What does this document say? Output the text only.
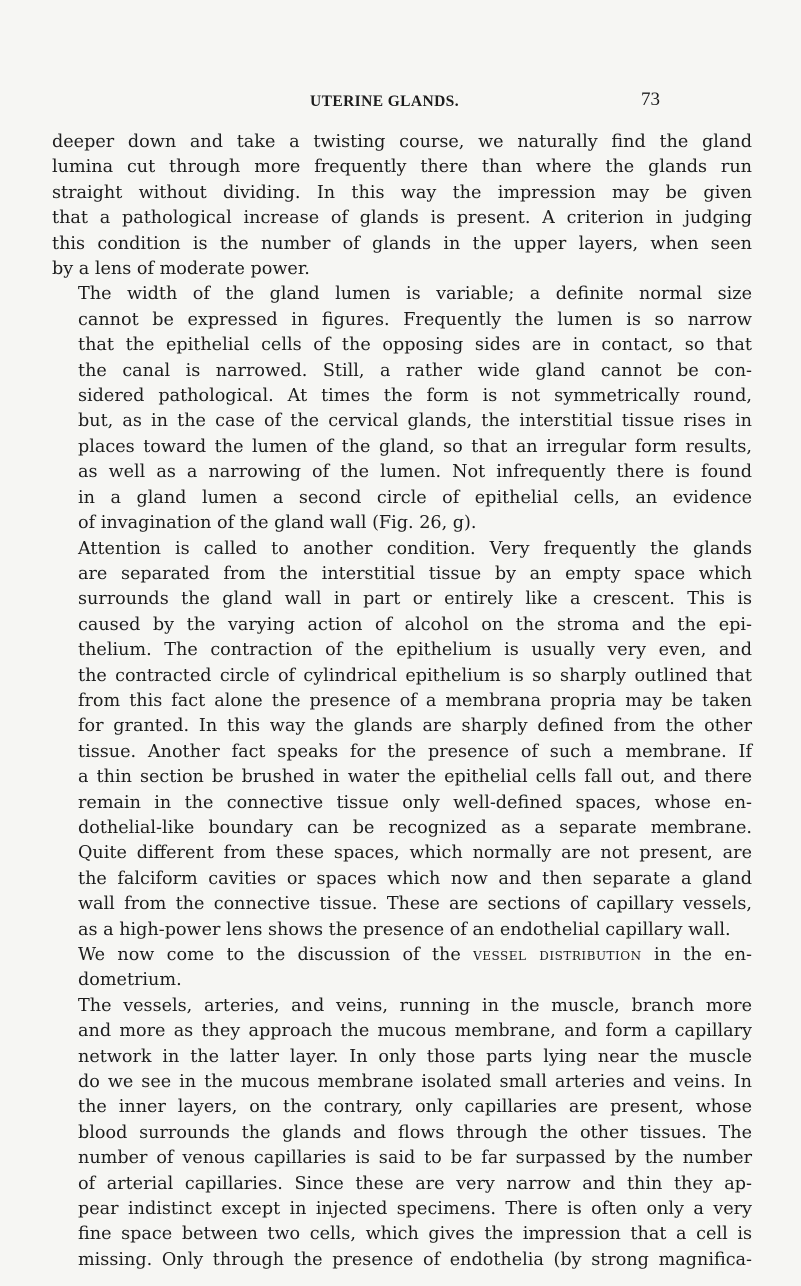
UTERINE GLANDS.	73

deeper down and take a twisting course, we naturally find the gland
lumina cut through more frequently there than where the glands run
straight without dividing. In this way the impression may be given
that a pathological increase of glands is present. A criterion in judging
this condition is the number of glands in the upper layers, when seen
by a lens of moderate power.

The width of the gland lumen is variable; a definite normal size
cannot be expressed in figures. Frequently the lumen is so narrow
that the epithelial cells of the opposing sides are in contact, so that
the canal is narrowed. Still, a rather wide gland cannot be con-
sidered pathological. At times the form is not symmetrically round,
but, as in the case of the cervical glands, the interstitial tissue rises in
places toward the lumen of the gland, so that an irregular form results,
as well as a narrowing of the lumen. Not infrequently there is found
in a gland lumen a second circle of epithelial cells, an evidence
of invagination of the gland wall (Fig. 26, g).

Attention is called to another condition. Very frequently the glands
are separated from the interstitial tissue by an empty space which
surrounds the gland wall in part or entirely like a crescent. This is
caused by the varying action of alcohol on the stroma and the epi-
thelium. The contraction of the epithelium is usually very even, and
the contracted circle of cylindrical epithelium is so sharply outlined that
from this fact alone the presence of a membrana propria may be taken
for granted. In this way the glands are sharply defined from the other
tissue. Another fact speaks for the presence of such a membrane. If
a thin section be brushed in water the epithelial cells fall out, and there
remain in the connective tissue only well-defined spaces, whose en-
dothelial-like boundary can be recognized as a separate membrane.
Quite different from these spaces, which normally are not present, are
the falciform cavities or spaces which now and then separate a gland
wall from the connective tissue. These are sections of capillary vessels,
as a high-power lens shows the presence of an endothelial capillary wall.

We now come to the discussion of the vessel distribution in the en-
dometrium.

The vessels, arteries, and veins, running in the muscle, branch more
and more as they approach the mucous membrane, and form a capillary
network in the latter layer. In only those parts lying near the muscle
do we see in the mucous membrane isolated small arteries and veins. In
the inner layers, on the contrary, only capillaries are present, whose
blood surrounds the glands and flows through the other tissues. The
number of venous capillaries is said to be far surpassed by the number
of arterial capillaries. Since these are very narrow and thin they ap-
pear indistinct except in injected specimens. There is often only a very
fine space between two cells, which gives the impression that a cell is
missing. Only through the presence of endothelia (by strong magnifica-
